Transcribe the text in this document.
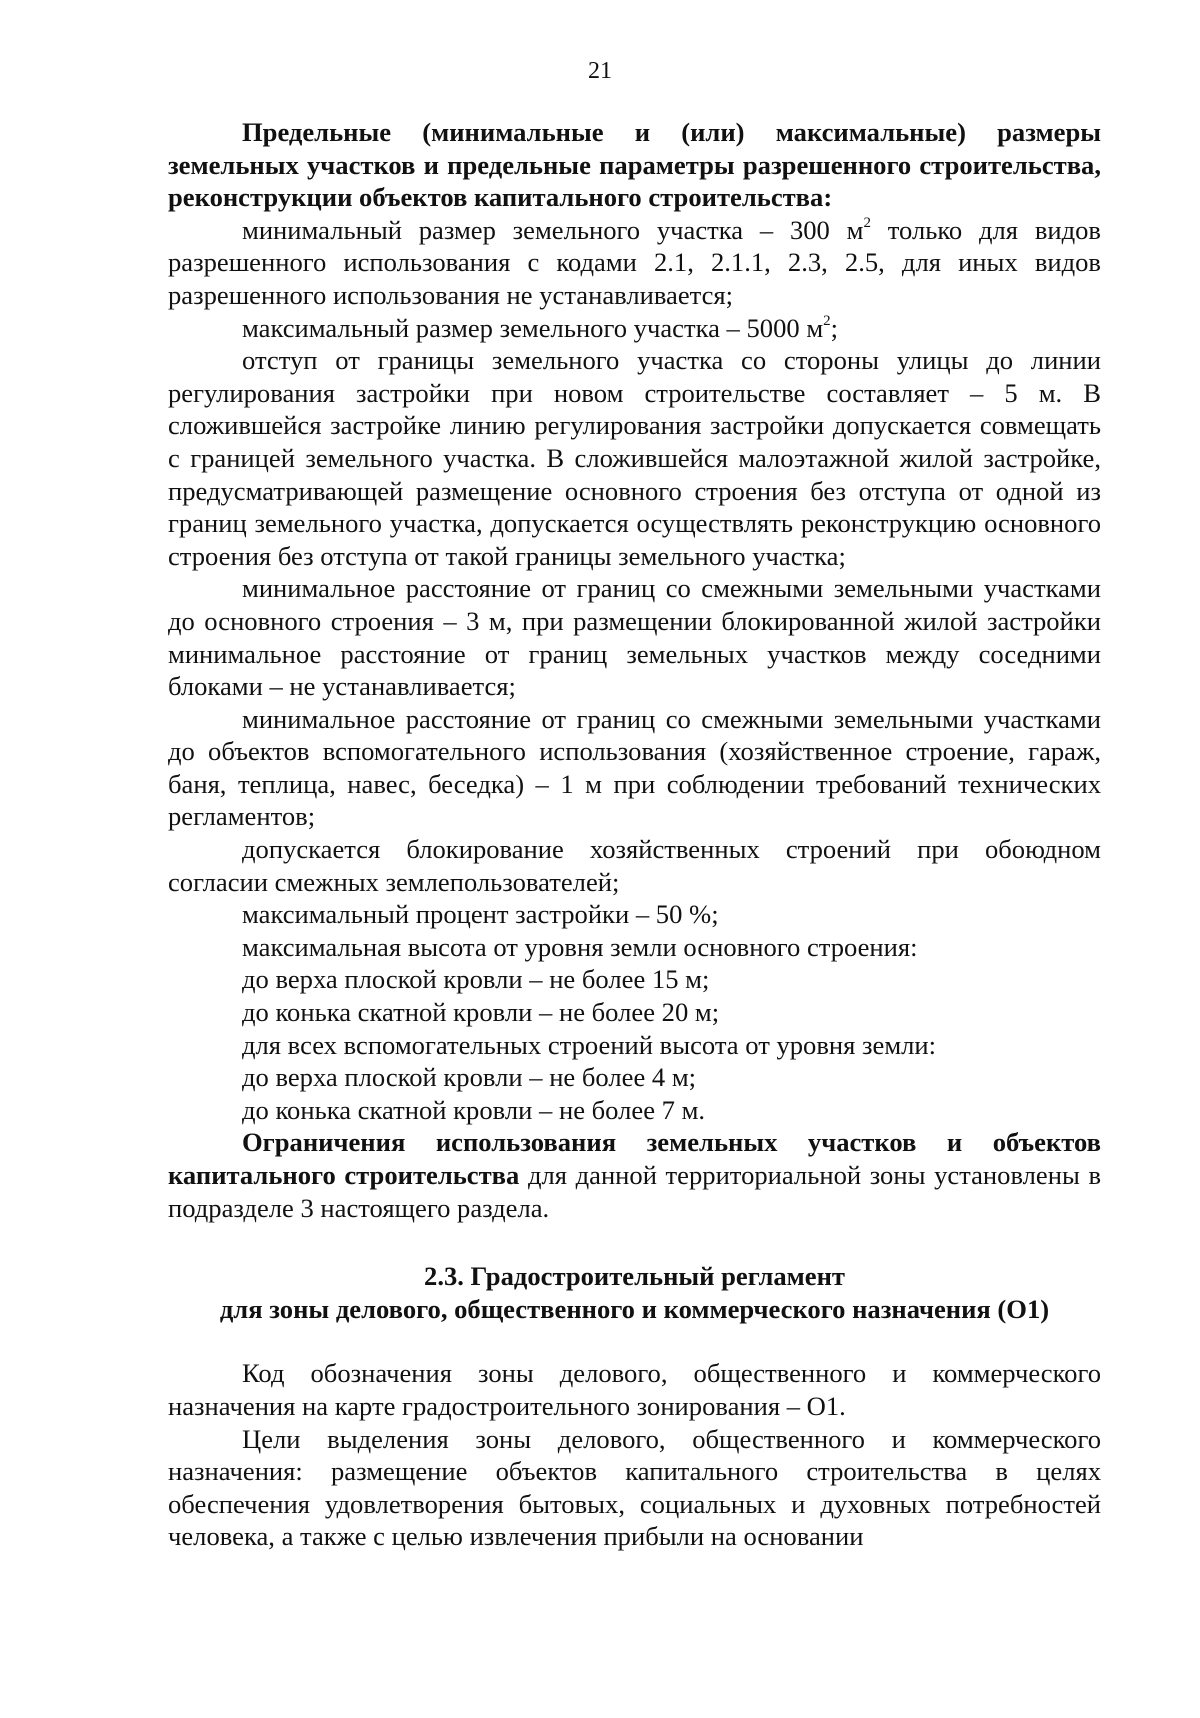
21

Предельные (минимальные и (или) максимальные) размеры земельных участков и предельные параметры разрешенного строительства, реконструкции объектов капитального строительства:

минимальный размер земельного участка – 300 $м^2$ только для видов разрешенного использования с кодами 2.1, 2.1.1, 2.3, 2.5, для иных видов разрешенного использования не устанавливается;

максимальный размер земельного участка – 5000 $м^2$;

отступ от границы земельного участка со стороны улицы до линии регулирования застройки при новом строительстве составляет – 5 м. В сложившейся застройке линию регулирования застройки допускается совмещать с границей земельного участка. В сложившейся малоэтажной жилой застройке, предусматривающей размещение основного строения без отступа от одной из границ земельного участка, допускается осуществлять реконструкцию основного строения без отступа от такой границы земельного участка;

минимальное расстояние от границ со смежными земельными участками до основного строения – 3 м, при размещении блокированной жилой застройки минимальное расстояние от границ земельных участков между соседними блоками – не устанавливается;

минимальное расстояние от границ со смежными земельными участками до объектов вспомогательного использования (хозяйственное строение, гараж, баня, теплица, навес, беседка) – 1 м при соблюдении требований технических регламентов;

допускается блокирование хозяйственных строений при обоюдном согласии смежных землепользователей;

максимальный процент застройки – 50 %;

максимальная высота от уровня земли основного строения:

до верха плоской кровли – не более 15 м;

до конька скатной кровли – не более 20 м;

для всех вспомогательных строений высота от уровня земли:

до верха плоской кровли – не более 4 м;

до конька скатной кровли – не более 7 м.

Ограничения использования земельных участков и объектов капитального строительства для данной территориальной зоны установлены в подразделе 3 настоящего раздела.

2.3. Градостроительный регламент

для зоны делового, общественного и коммерческого назначения (О1)

Код обозначения зоны делового, общественного и коммерческого назначения на карте градостроительного зонирования – О1.

Цели выделения зоны делового, общественного и коммерческого назначения: размещение объектов капитального строительства в целях обеспечения удовлетворения бытовых, социальных и духовных потребностей человека, а также с целью извлечения прибыли на основании
